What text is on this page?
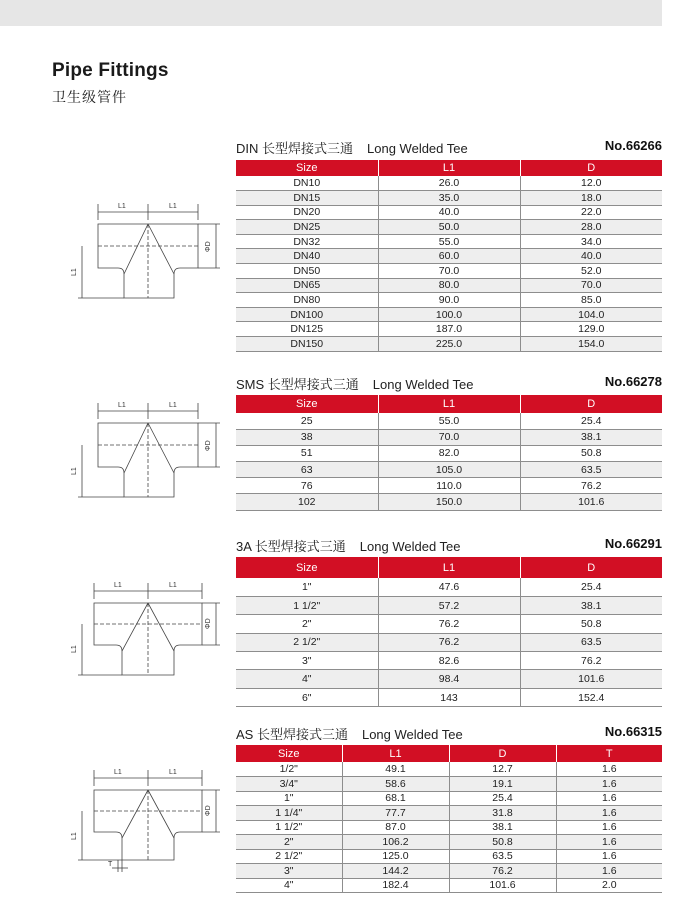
Pipe Fittings
卫生级管件
DIN 长型焊接式三通 Long Welded Tee	No.66266
Size	L1	D
DN10	26.0	12.0
DN15	35.0	18.0
DN20	40.0	22.0
DN25	50.0	28.0
DN32	55.0	34.0
DN40	60.0	40.0
DN50	70.0	52.0
DN65	80.0	70.0
DN80	90.0	85.0
DN100	100.0	104.0
DN125	187.0	129.0
DN150	225.0	154.0
L1	L1
L1
ΦD
SMS 长型焊接式三通 Long Welded Tee	No.66278
Size	L1	D
25	55.0	25.4
38	70.0	38.1
51	82.0	50.8
63	105.0	63.5
76	110.0	76.2
102	150.0	101.6
L1	L1
L1
ΦD
3A 长型焊接式三通 Long Welded Tee	No.66291
Size	L1	D
1"	47.6	25.4
1 1/2"	57.2	38.1
2"	76.2	50.8
2 1/2"	76.2	63.5
3"	82.6	76.2
4"	98.4	101.6
6"	143	152.4
L1	L1
L1
ΦD
AS 长型焊接式三通 Long Welded Tee	No.66315
Size	L1	D	T
1/2"	49.1	12.7	1.6
3/4"	58.6	19.1	1.6
1"	68.1	25.4	1.6
1 1/4"	77.7	31.8	1.6
1 1/2"	87.0	38.1	1.6
2"	106.2	50.8	1.6
2 1/2"	125.0	63.5	1.6
3"	144.2	76.2	1.6
4"	182.4	101.6	2.0
L1	L1
L1
ΦD
T
